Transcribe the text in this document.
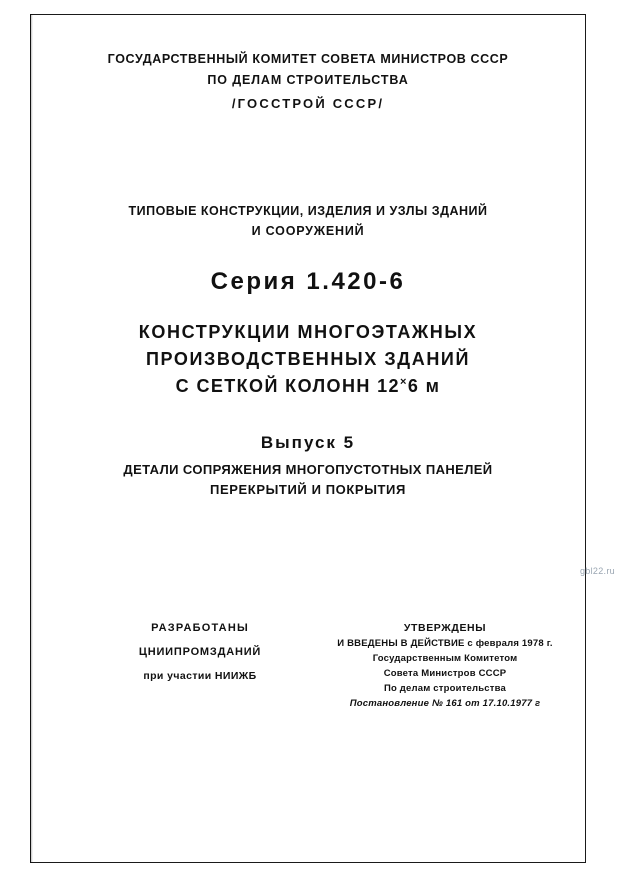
ГОСУДАРСТВЕННЫЙ КОМИТЕТ СОВЕТА МИНИСТРОВ СССР
ПО ДЕЛАМ СТРОИТЕЛЬСТВА
/ГОССТРОЙ СССР/
ТИПОВЫЕ КОНСТРУКЦИИ, ИЗДЕЛИЯ И УЗЛЫ ЗДАНИЙ
И СООРУЖЕНИЙ
Серия 1.420-6
КОНСТРУКЦИИ МНОГОЭТАЖНЫХ
ПРОИЗВОДСТВЕННЫХ ЗДАНИЙ
С СЕТКОЙ КОЛОНН 12×6 м
Выпуск 5
ДЕТАЛИ СОПРЯЖЕНИЯ МНОГОПУСТОТНЫХ ПАНЕЛЕЙ
ПЕРЕКРЫТИЙ И ПОКРЫТИЯ
gbl22.ru
РАЗРАБОТАНЫ
ЦНИИПРОМЗДАНИЙ
при участии НИИЖБ
УТВЕРЖДЕНЫ
И ВВЕДЕНЫ В ДЕЙСТВИЕ с февраля 1978 г.
Государственным Комитетом
Совета Министров СССР
По делам строительства
Постановление № 161 от 17.10.1977 г
